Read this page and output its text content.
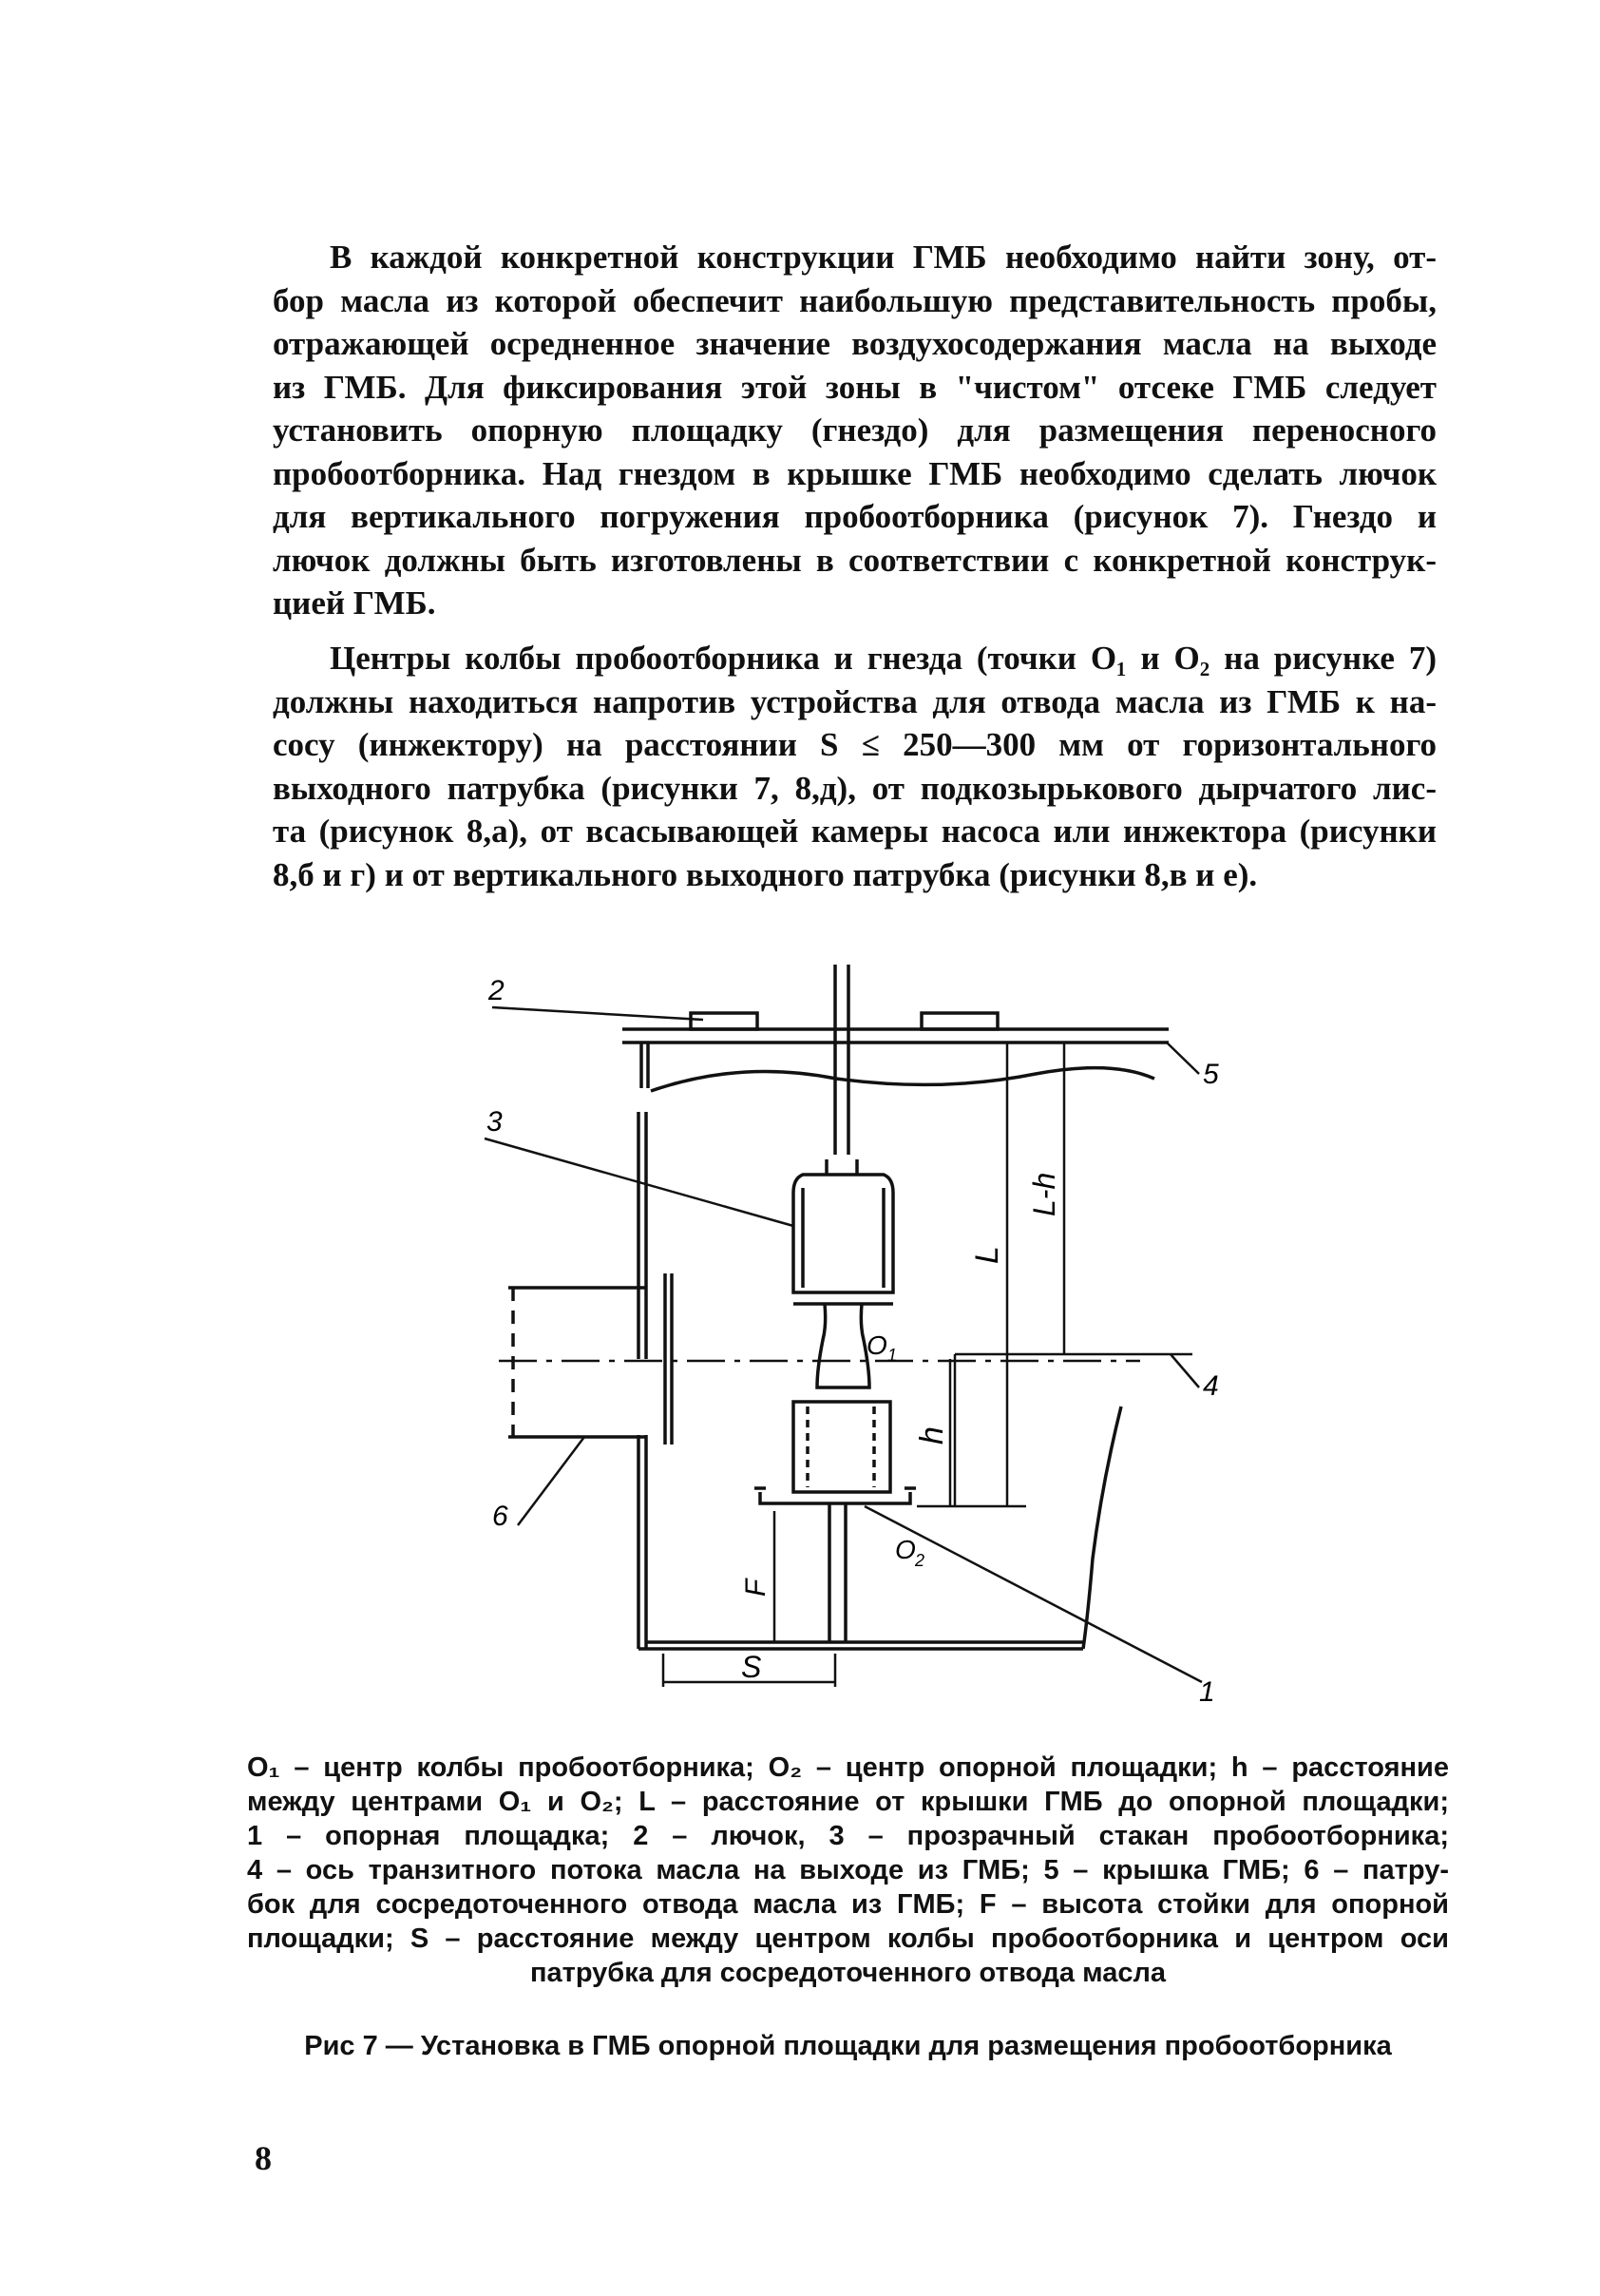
В каждой конкретной конструкции ГМБ необходимо найти зону, от-
бор масла из которой обеспечит наибольшую представительность пробы,
отражающей осредненное значение воздухосодержания масла на выходе
из ГМБ. Для фиксирования этой зоны в "чистом" отсеке ГМБ следует
установить опорную площадку (гнездо) для размещения переносного
пробоотборника. Над гнездом в крышке ГМБ необходимо сделать лючок
для вертикального погружения пробоотборника (рисунок 7). Гнездо и
лючок должны быть изготовлены в соответствии с конкретной конструк-
цией ГМБ.
Центры колбы пробоотборника и гнезда (точки O₁ и O₂ на рисунке 7)
должны находиться напротив устройства для отвода масла из ГМБ к на-
сосу (инжектору) на расстоянии S ≤ 250—300 мм от горизонтального
выходного патрубка (рисунки 7, 8,д), от подкозырькового дырчатого лис-
та (рисунок 8,а), от всасывающей камеры насоса или инжектора (рисунки
8,б и г) и от вертикального выходного патрубка (рисунки 8,в и е).
2
3
5
4
6
1
O 1
O 2
L
L-h
h
F
S
O₁ – центр колбы пробоотборника; O₂ – центр опорной площадки; h – расстояние
между центрами O₁ и O₂; L – расстояние от крышки ГМБ до опорной площадки;
1 – опорная площадка; 2 – лючок, 3 – прозрачный стакан пробоотборника;
4 – ось транзитного потока масла на выходе из ГМБ; 5 – крышка ГМБ; 6 – патру-
бок для сосредоточенного отвода масла из ГМБ; F – высота стойки для опорной
площадки; S – расстояние между центром колбы пробоотборника и центром оси
патрубка для сосредоточенного отвода масла
Рис 7 — Установка в ГМБ опорной площадки для размещения пробоотборника
8
